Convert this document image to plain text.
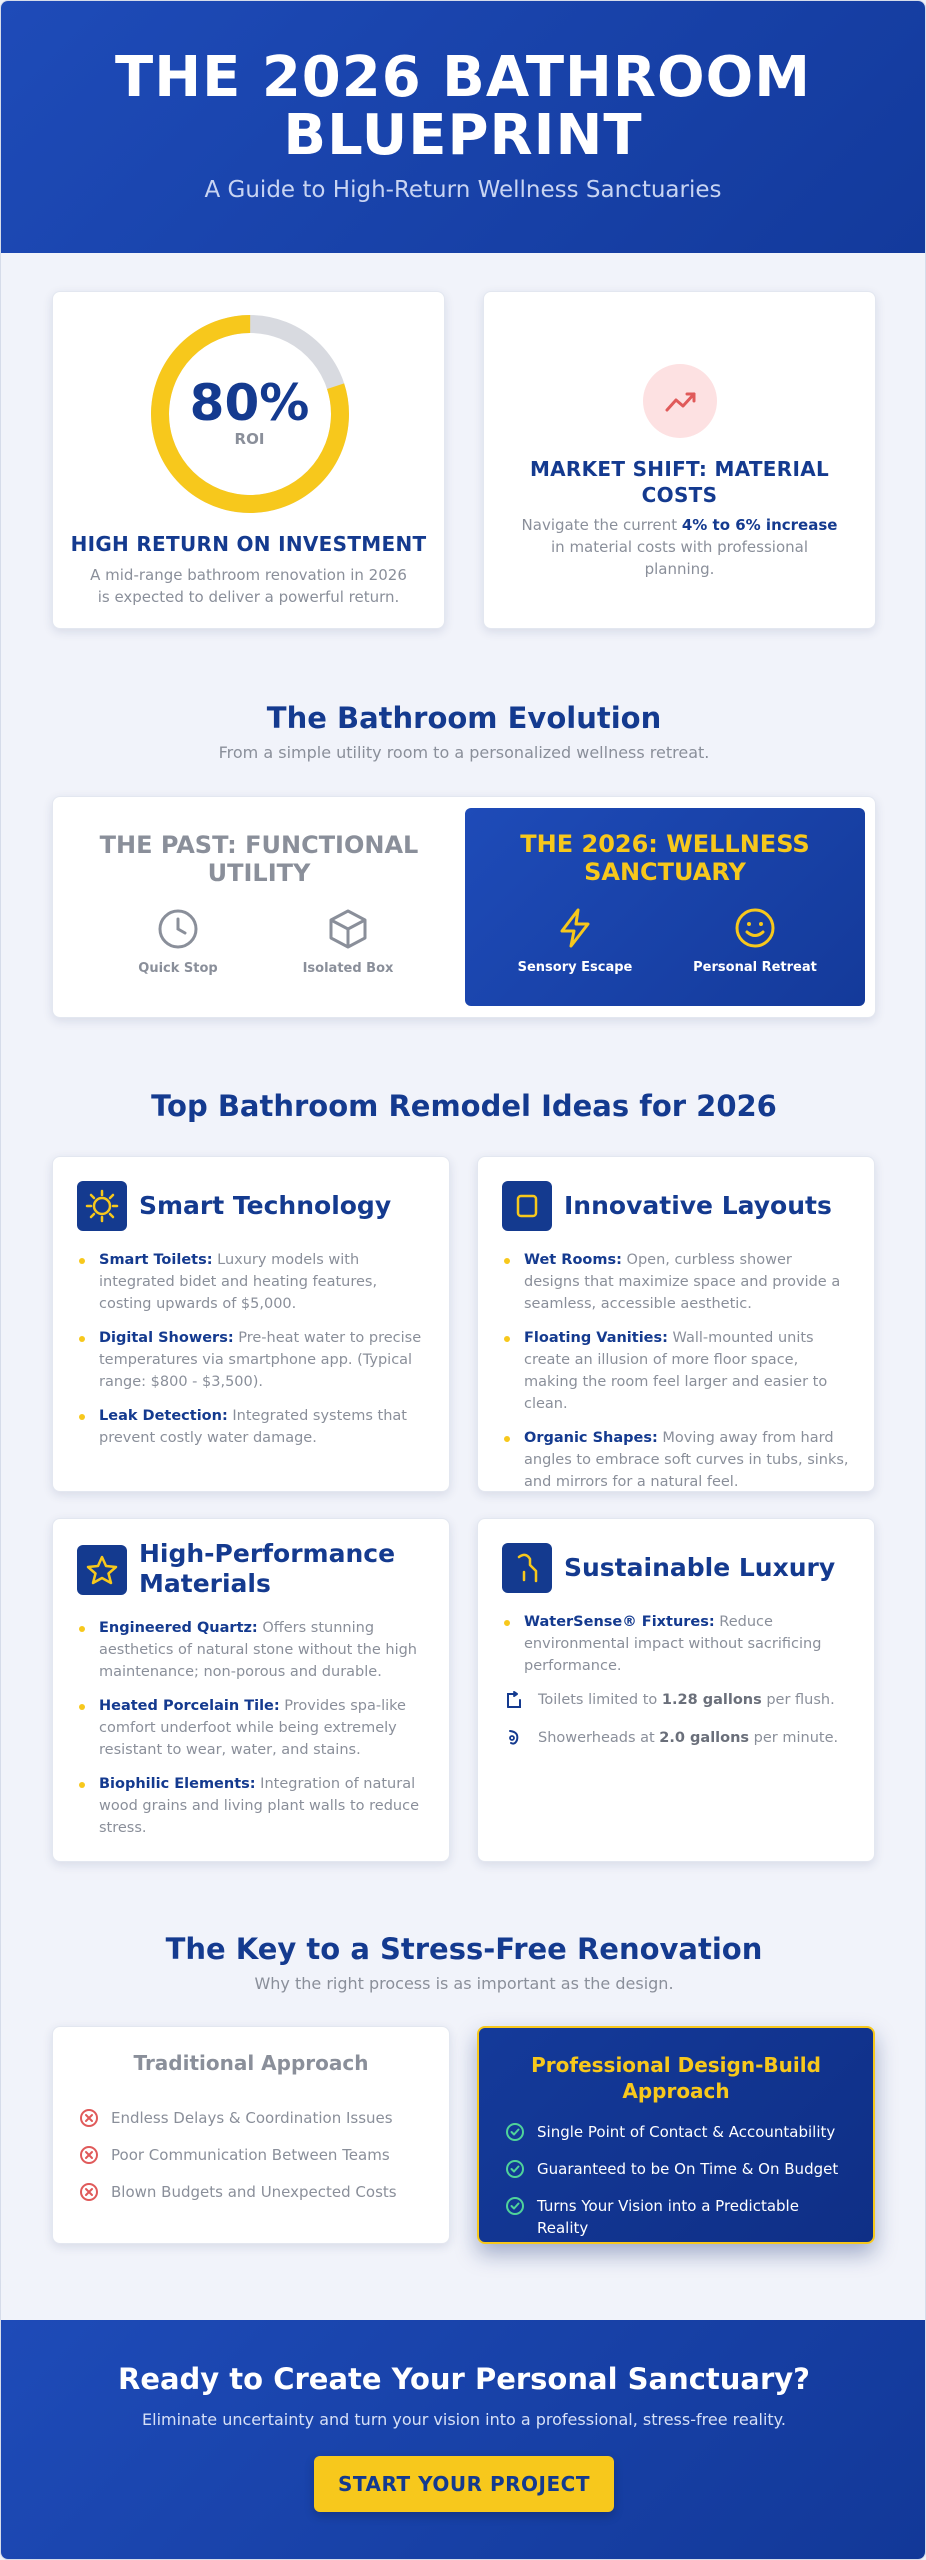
THE 2026 BATHROOM
BLUEPRINT
A Guide to High-Return Wellness Sanctuaries
80%
ROI
HIGH RETURN ON INVESTMENT
A mid-range bathroom renovation in 2026 is expected to deliver a powerful return.
MARKET SHIFT: MATERIAL COSTS
Navigate the current 4% to 6% increase in material costs with professional planning.
The Bathroom Evolution
From a simple utility room to a personalized wellness retreat.
THE PAST: FUNCTIONAL UTILITY
Quick Stop	Isolated Box
THE 2026: WELLNESS SANCTUARY
Sensory Escape	Personal Retreat
Top Bathroom Remodel Ideas for 2026
Smart Technology
Smart Toilets: Luxury models with integrated bidet and heating features, costing upwards of $5,000.
Digital Showers: Pre-heat water to precise temperatures via smartphone app. (Typical range: $800 - $3,500).
Leak Detection: Integrated systems that prevent costly water damage.
Innovative Layouts
Wet Rooms: Open, curbless shower designs that maximize space and provide a seamless, accessible aesthetic.
Floating Vanities: Wall-mounted units create an illusion of more floor space, making the room feel larger and easier to clean.
Organic Shapes: Moving away from hard angles to embrace soft curves in tubs, sinks, and mirrors for a natural feel.
High-Performance Materials
Engineered Quartz: Offers stunning aesthetics of natural stone without the high maintenance; non-porous and durable.
Heated Porcelain Tile: Provides spa-like comfort underfoot while being extremely resistant to wear, water, and stains.
Biophilic Elements: Integration of natural wood grains and living plant walls to reduce stress.
Sustainable Luxury
WaterSense® Fixtures: Reduce environmental impact without sacrificing performance.
Toilets limited to 1.28 gallons per flush.
Showerheads at 2.0 gallons per minute.
The Key to a Stress-Free Renovation
Why the right process is as important as the design.
Traditional Approach
Endless Delays & Coordination Issues
Poor Communication Between Teams
Blown Budgets and Unexpected Costs
Professional Design-Build Approach
Single Point of Contact & Accountability
Guaranteed to be On Time & On Budget
Turns Your Vision into a Predictable Reality
Ready to Create Your Personal Sanctuary?
Eliminate uncertainty and turn your vision into a professional, stress-free reality.
START YOUR PROJECT
